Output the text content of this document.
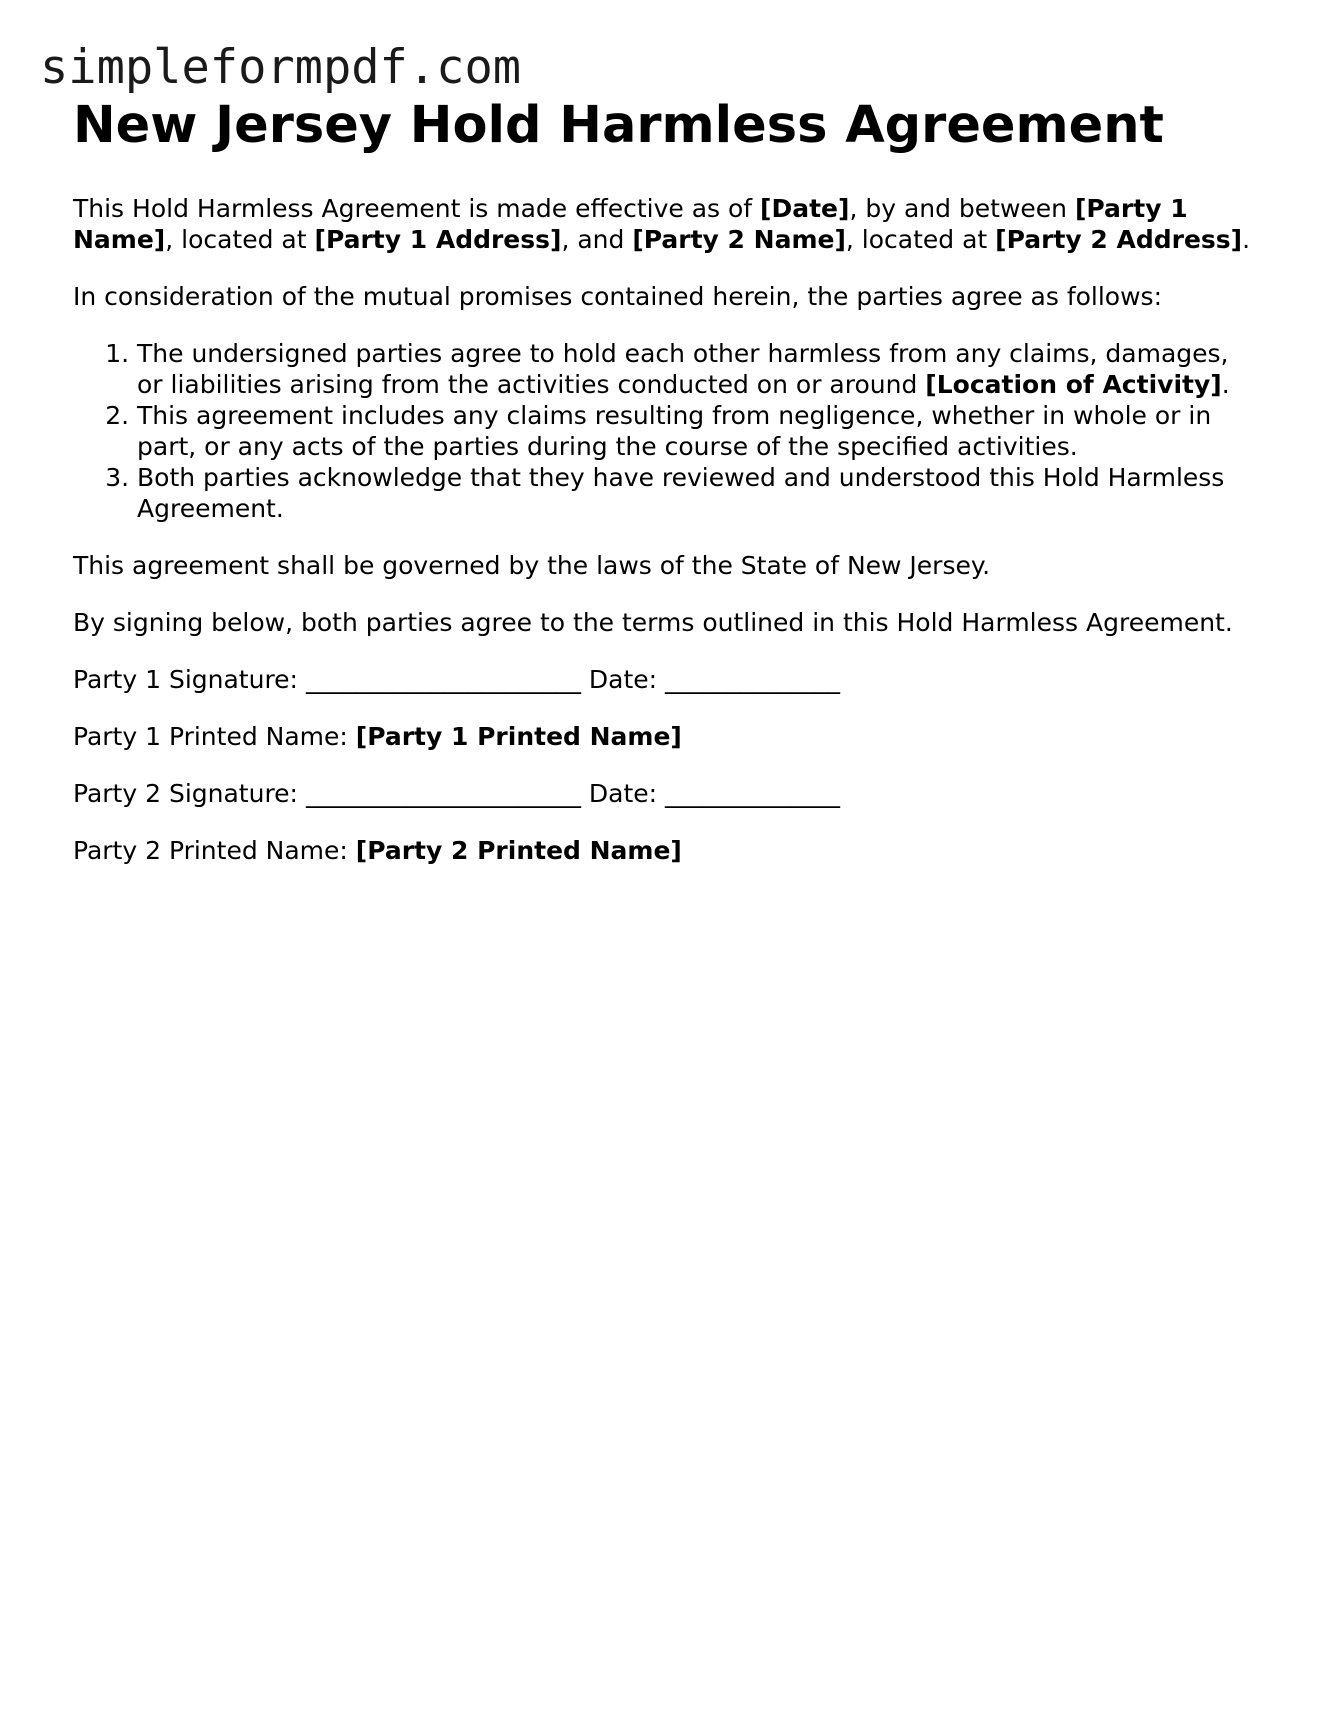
simpleformpdf.com
New Jersey Hold Harmless Agreement

This Hold Harmless Agreement is made effective as of [Date], by and between [Party 1 Name], located at [Party 1 Address], and [Party 2 Name], located at [Party 2 Address].

In consideration of the mutual promises contained herein, the parties agree as follows:

1. The undersigned parties agree to hold each other harmless from any claims, damages, or liabilities arising from the activities conducted on or around [Location of Activity].
2. This agreement includes any claims resulting from negligence, whether in whole or in part, or any acts of the parties during the course of the specified activities.
3. Both parties acknowledge that they have reviewed and understood this Hold Harmless Agreement.

This agreement shall be governed by the laws of the State of New Jersey.

By signing below, both parties agree to the terms outlined in this Hold Harmless Agreement.

Party 1 Signature: ______________________ Date: ______________

Party 1 Printed Name: [Party 1 Printed Name]

Party 2 Signature: ______________________ Date: ______________

Party 2 Printed Name: [Party 2 Printed Name]
